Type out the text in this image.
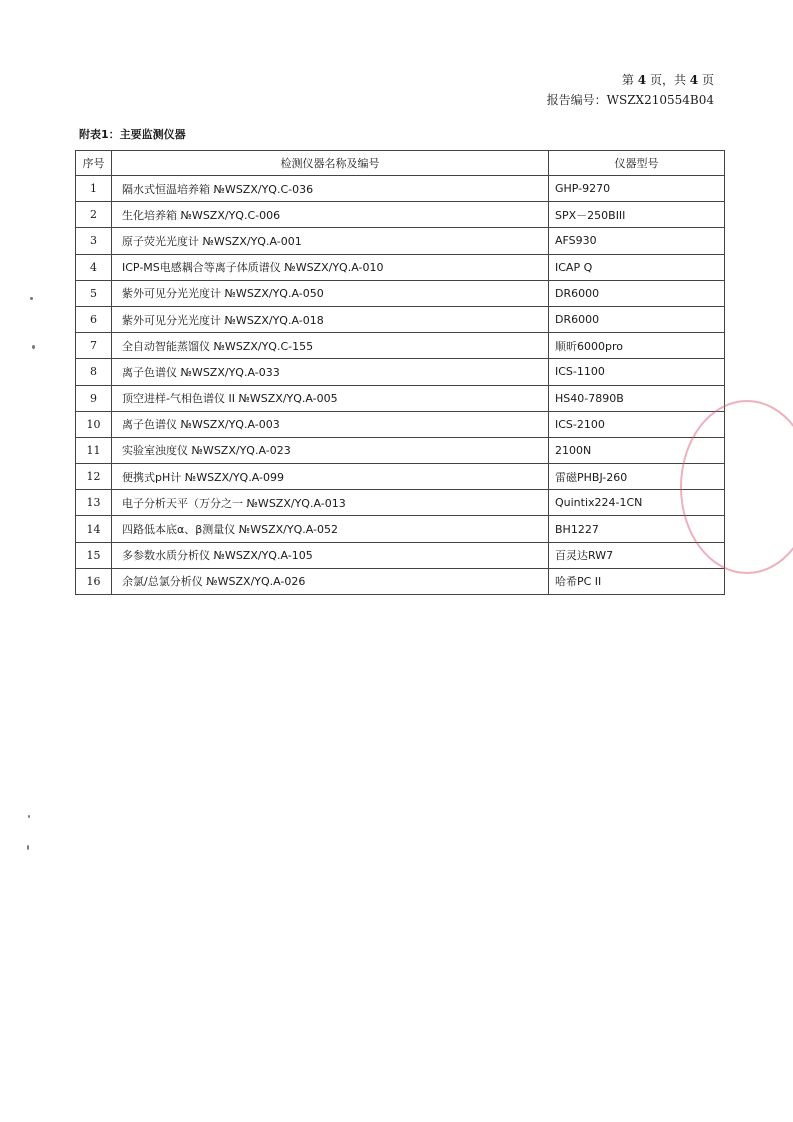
第 4 页，共 4 页
报告编号：WSZX210554B04
附表1：主要监测仪器
序号	检测仪器名称及编号	仪器型号
1	隔水式恒温培养箱 №WSZX/YQ.C-036	GHP-9270
2	生化培养箱 №WSZX/YQ.C-006	SPX－250BIII
3	原子荧光光度计 №WSZX/YQ.A-001	AFS930
4	ICP-MS电感耦合等离子体质谱仪 №WSZX/YQ.A-010	ICAP Q
5	紫外可见分光光度计 №WSZX/YQ.A-050	DR6000
6	紫外可见分光光度计 №WSZX/YQ.A-018	DR6000
7	全自动智能蒸馏仪 №WSZX/YQ.C-155	顺昕6000pro
8	离子色谱仪 №WSZX/YQ.A-033	ICS-1100
9	顶空进样-气相色谱仪 II №WSZX/YQ.A-005	HS40-7890B
10	离子色谱仪 №WSZX/YQ.A-003	ICS-2100
11	实验室浊度仪 №WSZX/YQ.A-023	2100N
12	便携式pH计 №WSZX/YQ.A-099	雷磁PHBJ-260
13	电子分析天平（万分之一 №WSZX/YQ.A-013	Quintix224-1CN
14	四路低本底α、β测量仪 №WSZX/YQ.A-052	BH1227
15	多参数水质分析仪 №WSZX/YQ.A-105	百灵达RW7
16	余氯/总氯分析仪 №WSZX/YQ.A-026	哈希PC II
